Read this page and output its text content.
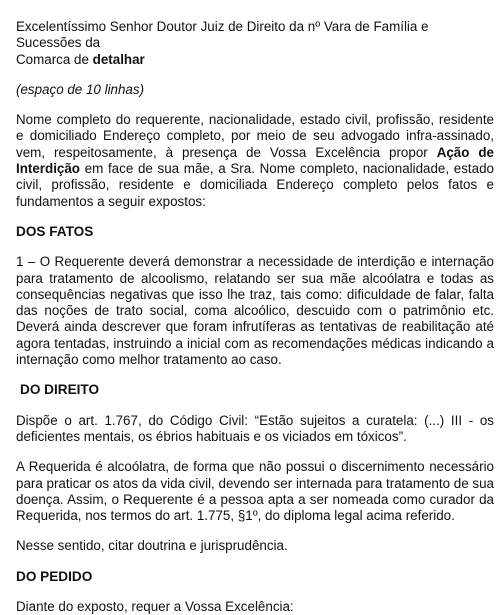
Excelentíssimo Senhor Doutor Juiz de Direito da nº Vara de Família e Sucessões da
Comarca de detalhar

(espaço de 10 linhas)

Nome completo do requerente, nacionalidade, estado civil, profissão, residente e domiciliado Endereço completo, por meio de seu advogado infra-assinado, vem, respeitosamente, à presença de Vossa Excelência propor Ação de Interdição em face de sua mãe, a Sra. Nome completo, nacionalidade, estado civil, profissão, residente e domiciliada Endereço completo pelos fatos e fundamentos a seguir expostos:

DOS FATOS

1 – O Requerente deverá demonstrar a necessidade de interdição e internação para tratamento de alcoolismo, relatando ser sua mãe alcoólatra e todas as consequências negativas que isso lhe traz, tais como: dificuldade de falar, falta das noções de trato social, coma alcoólico, descuido com o patrimônio etc. Deverá ainda descrever que foram infrutíferas as tentativas de reabilitação até agora tentadas, instruindo a inicial com as recomendações médicas indicando a internação como melhor tratamento ao caso.

DO DIREITO

Dispõe o art. 1.767, do Código Civil: “Estão sujeitos a curatela: (...) III - os deficientes mentais, os ébrios habituais e os viciados em tóxicos”.

A Requerida é alcoólatra, de forma que não possui o discernimento necessário para praticar os atos da vida civil, devendo ser internada para tratamento de sua doença. Assim, o Requerente é a pessoa apta a ser nomeada como curador da Requerida, nos termos do art. 1.775, §1º, do diploma legal acima referido.

Nesse sentido, citar doutrina e jurisprudência.

DO PEDIDO

Diante do exposto, requer a Vossa Excelência:
